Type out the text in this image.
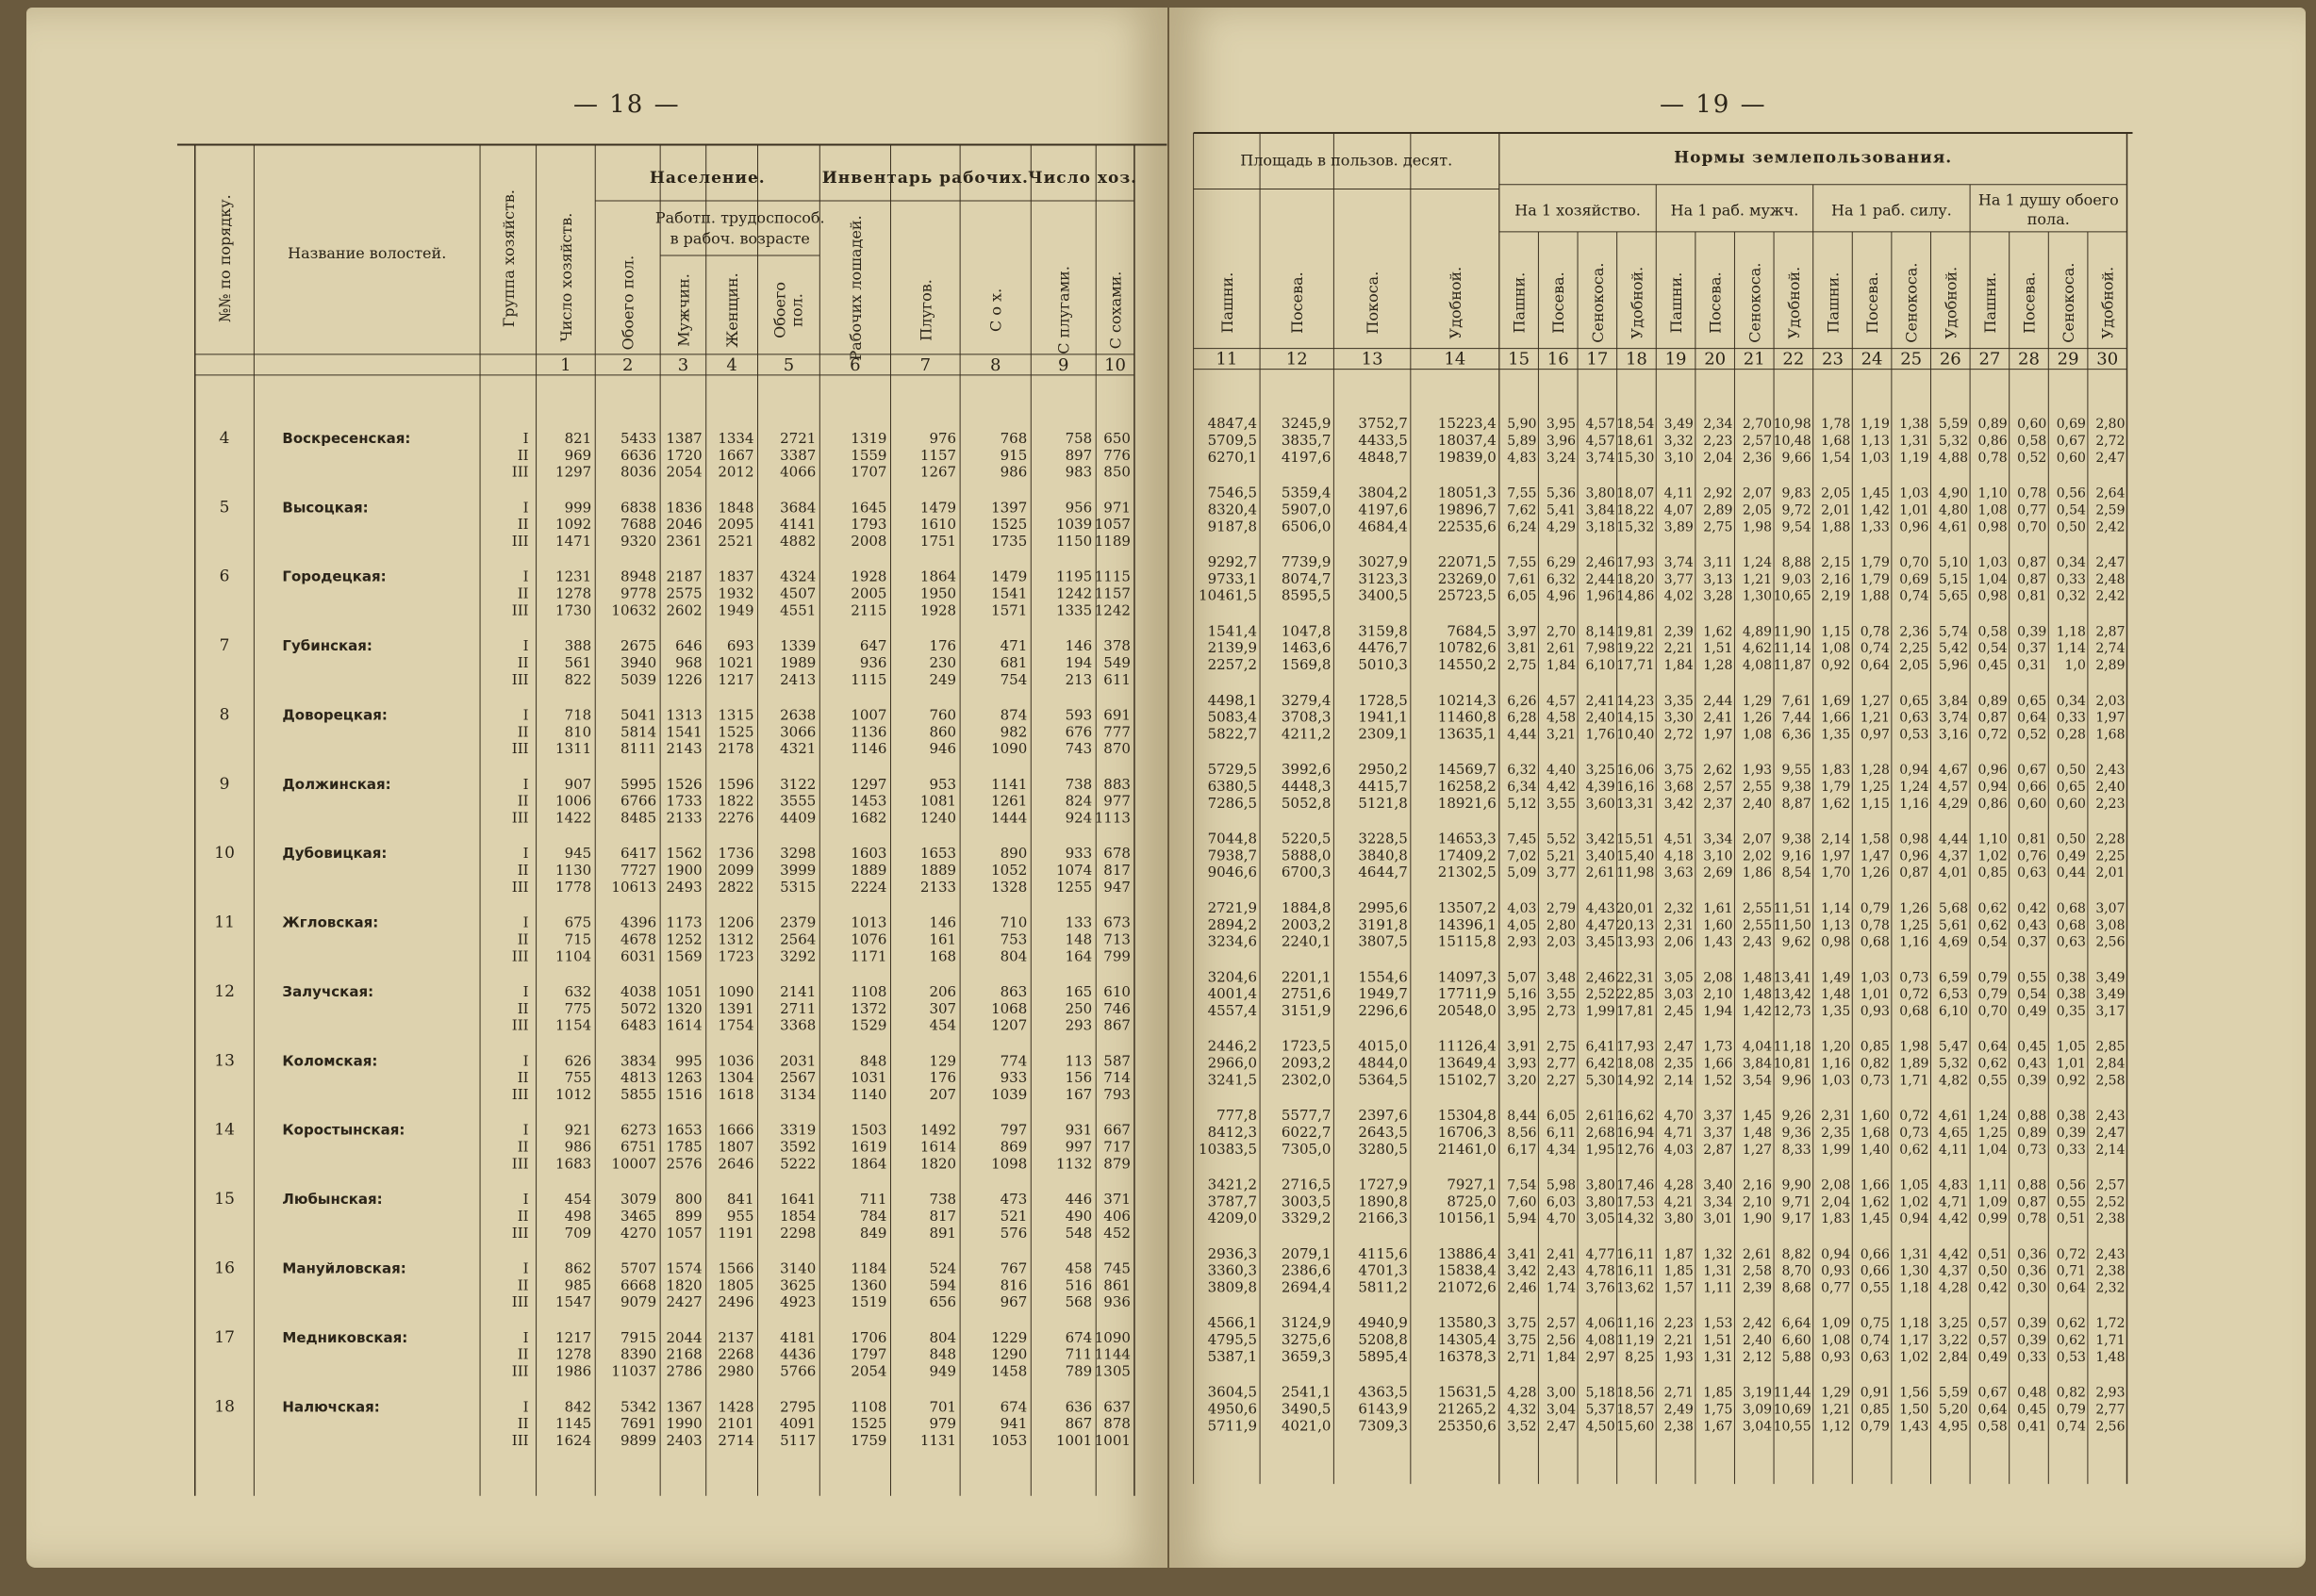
— 18 —
№№ по порядку.	Название волостей.	Группа хозяйств.	Число хозяйств.
Населениe.
Обоего пол.
Работп. трудоспособ.
в рабоч. возрасте
Мужчин. Женщин. Обоего пол.
Инвентарь рабочих.
Рабочих лошадей.	Плугов.	С о х.
Число хоз.
С плугами. С сохами.
1	2	3 4	5	6	7	8	9 10
4	Воскресенская:	I	821 5433 1387 1334 2721 1319	976	768	758 650
II	969 6636 1720 1667 3387 1559 1157	915	897 776
III 1297 8036 2054 2012 4066 1707 1267	986	983 850
5	Высоцкая:	I	999 6838 1836 1848 3684 1645 1479 1397	956 971
II 1092 7688 2046 2095 4141 1793 1610 1525 1039 1057
III 1471 9320 2361 2521 4882 2008 1751 1735 1150 1189
6	Городецкая:	I 1231 8948 2187 1837 4324 1928 1864 1479 1195 1115
II 1278 9778 2575 1932 4507 2005 1950 1541 1242 1157
III 1730 10632 2602 1949 4551 2115 1928 1571 1335 1242
7	Губинская:	I	388 2675 646 693 1339	647	176	471	146 378
II	561 3940 968 1021 1989	936	230	681	194 549
III	822 5039 1226 1217 2413 1115	249	754	213 611
8	Доворецкая:	I	718 5041 1313 1315 2638 1007	760	874	593 691
II	810 5814 1541 1525 3066 1136	860	982	676 777
III 1311 8111 2143 2178 4321 1146	946 1090	743 870
9	Должинская:	I	907 5995 1526 1596 3122 1297	953 1141	738 883
II 1006 6766 1733 1822 3555 1453 1081 1261	824 977
III 1422 8485 2133 2276 4409 1682 1240 1444	924 1113
10	Дубовицкая:	I	945 6417 1562 1736 3298 1603 1653	890	933 678
II 1130 7727 1900 2099 3999 1889 1889 1052 1074 817
III 1778 10613 2493 2822 5315 2224 2133 1328 1255 947
11	Жгловская:	I	675 4396 1173 1206 2379 1013	146	710	133 673
II	715 4678 1252 1312 2564 1076	161	753	148 713
III 1104 6031 1569 1723 3292 1171	168	804	164 799
12	Залучская:	I	632 4038 1051 1090 2141 1108	206	863	165 610
II	775 5072 1320 1391 2711 1372	307 1068	250 746
III 1154 6483 1614 1754 3368 1529	454 1207	293 867
13	Коломская:	I	626 3834 995 1036 2031	848	129	774	113 587
II	755 4813 1263 1304 2567 1031	176	933	156 714
III 1012 5855 1516 1618 3134 1140	207 1039	167 793
14	Коростынская:	I	921 6273 1653 1666 3319 1503 1492	797	931 667
II	986 6751 1785 1807 3592 1619 1614	869	997 717
III 1683 10007 2576 2646 5222 1864 1820 1098 1132 879
15	Любынская:	I	454 3079 800 841 1641	711	738	473	446 371
II	498 3465 899 955 1854	784	817	521	490 406
III	709 4270 1057 1191 2298	849	891	576	548 452
16	Мануйловская:	I	862 5707 1574 1566 3140 1184	524	767	458 745
II	985 6668 1820 1805 3625 1360	594	816	516 861
III 1547 9079 2427 2496 4923 1519	656	967	568 936
17	Медниковская:	I 1217 7915 2044 2137 4181 1706	804 1229	674 1090
II 1278 8390 2168 2268 4436 1797	848 1290	711 1144
III 1986 11037 2786 2980 5766 2054	949 1458	789 1305
18	Налючская:	I	842 5342 1367 1428 2795 1108	701	674	636 637
II 1145 7691 1990 2101 4091 1525	979	941	867 878
III 1624 9899 2403 2714 5117 1759 1131 1053 1001 1001
— 19 —
Площадь в пользов. десят.
Пашни.	Посева.	Покоса.	Удобной.
Нормы землепользования.
На 1 хозяйство. На 1 раб. мужч. На 1 раб. силу.
На 1 душу обоего
пола.
Пашни. Посева. Сенокоса. Удобной. Пашни. Посева. Сенокоса. Удобной. Пашни. Посева. Сенокоса. Удобной. Пашни. Посева. Сенокоса. Удобной.
11	12	13	14 15 16 17 18 19 20 21 22 23 24 25 26 27 28 29 30
4847,4 3245,9 3752,7 15223,4 5,90 3,95 4,57 18,54 3,49 2,34 2,70 10,98 1,78 1,19 1,38 5,59 0,89 0,60 0,69 2,80
5709,5 3835,7 4433,5 18037,4 5,89 3,96 4,57 18,61 3,32 2,23 2,57 10,48 1,68 1,13 1,31 5,32 0,86 0,58 0,67 2,72
6270,1 4197,6 4848,7 19839,0 4,83 3,24 3,74 15,30 3,10 2,04 2,36 9,66 1,54 1,03 1,19 4,88 0,78 0,52 0,60 2,47
7546,5 5359,4 3804,2 18051,3 7,55 5,36 3,80 18,07 4,11 2,92 2,07 9,83 2,05 1,45 1,03 4,90 1,10 0,78 0,56 2,64
8320,4 5907,0 4197,6 19896,7 7,62 5,41 3,84 18,22 4,07 2,89 2,05 9,72 2,01 1,42 1,01 4,80 1,08 0,77 0,54 2,59
9187,8 6506,0 4684,4 22535,6 6,24 4,29 3,18 15,32 3,89 2,75 1,98 9,54 1,88 1,33 0,96 4,61 0,98 0,70 0,50 2,42
9292,7 7739,9 3027,9 22071,5 7,55 6,29 2,46 17,93 3,74 3,11 1,24 8,88 2,15 1,79 0,70 5,10 1,03 0,87 0,34 2,47
9733,1 8074,7 3123,3 23269,0 7,61 6,32 2,44 18,20 3,77 3,13 1,21 9,03 2,16 1,79 0,69 5,15 1,04 0,87 0,33 2,48
10461,5 8595,5 3400,5 25723,5 6,05 4,96 1,96 14,86 4,02 3,28 1,30 10,65 2,19 1,88 0,74 5,65 0,98 0,81 0,32 2,42
1541,4 1047,8 3159,8	7684,5 3,97 2,70 8,14 19,81 2,39 1,62 4,89 11,90 1,15 0,78 2,36 5,74 0,58 0,39 1,18 2,87
2139,9 1463,6 4476,7 10782,6 3,81 2,61 7,98 19,22 2,21 1,51 4,62 11,14 1,08 0,74 2,25 5,42 0,54 0,37 1,14 2,74
2257,2 1569,8 5010,3 14550,2 2,75 1,84 6,10 17,71 1,84 1,28 4,08 11,87 0,92 0,64 2,05 5,96 0,45 0,31 1,0 2,89
4498,1 3279,4 1728,5 10214,3 6,26 4,57 2,41 14,23 3,35 2,44 1,29 7,61 1,69 1,27 0,65 3,84 0,89 0,65 0,34 2,03
5083,4 3708,3 1941,1 11460,8 6,28 4,58 2,40 14,15 3,30 2,41 1,26 7,44 1,66 1,21 0,63 3,74 0,87 0,64 0,33 1,97
5822,7 4211,2 2309,1 13635,1 4,44 3,21 1,76 10,40 2,72 1,97 1,08 6,36 1,35 0,97 0,53 3,16 0,72 0,52 0,28 1,68
5729,5 3992,6 2950,2 14569,7 6,32 4,40 3,25 16,06 3,75 2,62 1,93 9,55 1,83 1,28 0,94 4,67 0,96 0,67 0,50 2,43
6380,5 4448,3 4415,7 16258,2 6,34 4,42 4,39 16,16 3,68 2,57 2,55 9,38 1,79 1,25 1,24 4,57 0,94 0,66 0,65 2,40
7286,5 5052,8 5121,8 18921,6 5,12 3,55 3,60 13,31 3,42 2,37 2,40 8,87 1,62 1,15 1,16 4,29 0,86 0,60 0,60 2,23
7044,8 5220,5 3228,5 14653,3 7,45 5,52 3,42 15,51 4,51 3,34 2,07 9,38 2,14 1,58 0,98 4,44 1,10 0,81 0,50 2,28
7938,7 5888,0 3840,8 17409,2 7,02 5,21 3,40 15,40 4,18 3,10 2,02 9,16 1,97 1,47 0,96 4,37 1,02 0,76 0,49 2,25
9046,6 6700,3 4644,7 21302,5 5,09 3,77 2,61 11,98 3,63 2,69 1,86 8,54 1,70 1,26 0,87 4,01 0,85 0,63 0,44 2,01
2721,9 1884,8 2995,6 13507,2 4,03 2,79 4,43 20,01 2,32 1,61 2,55 11,51 1,14 0,79 1,26 5,68 0,62 0,42 0,68 3,07
2894,2 2003,2 3191,8 14396,1 4,05 2,80 4,47 20,13 2,31 1,60 2,55 11,50 1,13 0,78 1,25 5,61 0,62 0,43 0,68 3,08
3234,6 2240,1 3807,5 15115,8 2,93 2,03 3,45 13,93 2,06 1,43 2,43 9,62 0,98 0,68 1,16 4,69 0,54 0,37 0,63 2,56
3204,6 2201,1 1554,6 14097,3 5,07 3,48 2,46 22,31 3,05 2,08 1,48 13,41 1,49 1,03 0,73 6,59 0,79 0,55 0,38 3,49
4001,4 2751,6 1949,7 17711,9 5,16 3,55 2,52 22,85 3,03 2,10 1,48 13,42 1,48 1,01 0,72 6,53 0,79 0,54 0,38 3,49
4557,4 3151,9 2296,6 20548,0 3,95 2,73 1,99 17,81 2,45 1,94 1,42 12,73 1,35 0,93 0,68 6,10 0,70 0,49 0,35 3,17
2446,2 1723,5 4015,0 11126,4 3,91 2,75 6,41 17,93 2,47 1,73 4,04 11,18 1,20 0,85 1,98 5,47 0,64 0,45 1,05 2,85
2966,0 2093,2 4844,0 13649,4 3,93 2,77 6,42 18,08 2,35 1,66 3,84 10,81 1,16 0,82 1,89 5,32 0,62 0,43 1,01 2,84
3241,5 2302,0 5364,5 15102,7 3,20 2,27 5,30 14,92 2,14 1,52 3,54 9,96 1,03 0,73 1,71 4,82 0,55 0,39 0,92 2,58
777,8 5577,7 2397,6 15304,8 8,44 6,05 2,61 16,62 4,70 3,37 1,45 9,26 2,31 1,60 0,72 4,61 1,24 0,88 0,38 2,43
8412,3 6022,7 2643,5 16706,3 8,56 6,11 2,68 16,94 4,71 3,37 1,48 9,36 2,35 1,68 0,73 4,65 1,25 0,89 0,39 2,47
10383,5 7305,0 3280,5 21461,0 6,17 4,34 1,95 12,76 4,03 2,87 1,27 8,33 1,99 1,40 0,62 4,11 1,04 0,73 0,33 2,14
3421,2 2716,5 1727,9	7927,1 7,54 5,98 3,80 17,46 4,28 3,40 2,16 9,90 2,08 1,66 1,05 4,83 1,11 0,88 0,56 2,57
3787,7 3003,5 1890,8	8725,0 7,60 6,03 3,80 17,53 4,21 3,34 2,10 9,71 2,04 1,62 1,02 4,71 1,09 0,87 0,55 2,52
4209,0 3329,2 2166,3 10156,1 5,94 4,70 3,05 14,32 3,80 3,01 1,90 9,17 1,83 1,45 0,94 4,42 0,99 0,78 0,51 2,38
2936,3 2079,1 4115,6 13886,4 3,41 2,41 4,77 16,11 1,87 1,32 2,61 8,82 0,94 0,66 1,31 4,42 0,51 0,36 0,72 2,43
3360,3 2386,6 4701,3 15838,4 3,42 2,43 4,78 16,11 1,85 1,31 2,58 8,70 0,93 0,66 1,30 4,37 0,50 0,36 0,71 2,38
3809,8 2694,4 5811,2 21072,6 2,46 1,74 3,76 13,62 1,57 1,11 2,39 8,68 0,77 0,55 1,18 4,28 0,42 0,30 0,64 2,32
4566,1 3124,9 4940,9 13580,3 3,75 2,57 4,06 11,16 2,23 1,53 2,42 6,64 1,09 0,75 1,18 3,25 0,57 0,39 0,62 1,72
4795,5 3275,6 5208,8 14305,4 3,75 2,56 4,08 11,19 2,21 1,51 2,40 6,60 1,08 0,74 1,17 3,22 0,57 0,39 0,62 1,71
5387,1 3659,3 5895,4 16378,3 2,71 1,84 2,97 8,25 1,93 1,31 2,12 5,88 0,93 0,63 1,02 2,84 0,49 0,33 0,53 1,48
3604,5 2541,1 4363,5 15631,5 4,28 3,00 5,18 18,56 2,71 1,85 3,19 11,44 1,29 0,91 1,56 5,59 0,67 0,48 0,82 2,93
4950,6 3490,5 6143,9 21265,2 4,32 3,04 5,37 18,57 2,49 1,75 3,09 10,69 1,21 0,85 1,50 5,20 0,64 0,45 0,79 2,77
5711,9 4021,0 7309,3 25350,6 3,52 2,47 4,50 15,60 2,38 1,67 3,04 10,55 1,12 0,79 1,43 4,95 0,58 0,41 0,74 2,56
